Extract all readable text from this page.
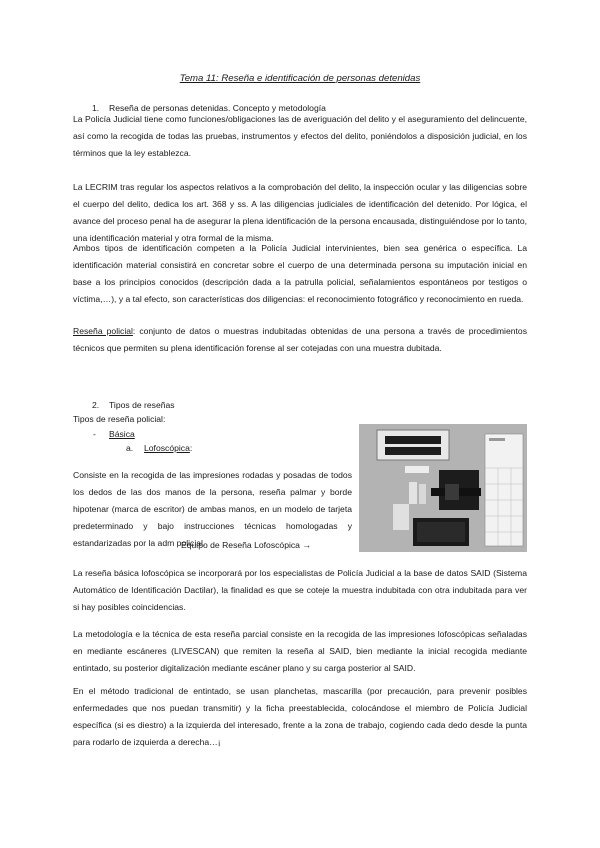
Tema 11: Reseña e identificación de personas detenidas
1. Reseña de personas detenidas. Concepto y metodología

La Policía Judicial tiene como funciones/obligaciones las de averiguación del delito y el aseguramiento del delincuente, así como la recogida de todas las pruebas, instrumentos y efectos del delito, poniéndolos a disposición judicial, en los términos que la ley establezca.

La LECRIM tras regular los aspectos relativos a la comprobación del delito, la inspección ocular y las diligencias sobre el cuerpo del delito, dedica los art. 368 y ss. A las diligencias judiciales de identificación del detenido. Por lógica, el avance del proceso penal ha de asegurar la plena identificación de la persona encausada, distinguiéndose por lo tanto, una identificación material y otra formal de la misma.

Ambos tipos de identificación competen a la Policía Judicial intervinientes, bien sea genérica o específica. La identificación material consistirá en concretar sobre el cuerpo de una determinada persona su imputación inicial en base a los principios conocidos (descripción dada a la patrulla policial, señalamientos espontáneos por testigos o víctima,…), y a tal efecto, son características dos diligencias: el reconocimiento fotográfico y reconocimiento en rueda.

Reseña policial: conjunto de datos o muestras indubitadas obtenidas de una persona a través de procedimientos técnicos que permiten su plena identificación forense al ser cotejadas con una muestra dubitada.

2. Tipos de reseñas
Tipos de reseña policial:
- Básica
a. Lofoscópica:

Consiste en la recogida de las impresiones rodadas y posadas de todos los dedos de las dos manos de la persona, reseña palmar y borde hipotenar (marca de escritor) de ambas manos, en un modelo de tarjeta predeterminado y bajo instrucciones técnicas homologadas y estandarizadas por la adm policial.

Equipo de Reseña Lofoscópica →

La reseña básica lofoscópica se incorporará por los especialistas de Policía Judicial a la base de datos SAID (Sistema Automático de Identificación Dactilar), la finalidad es que se coteje la muestra indubitada con otra indubitada para ver si hay posibles coincidencias.

La metodología e la técnica de esta reseña parcial consiste en la recogida de las impresiones lofoscópicas señaladas en mediante escáneres (LIVESCAN) que remiten la reseña al SAID, bien mediante la inicial recogida mediante entintado, su posterior digitalización mediante escáner plano y su carga posterior al SAID.

En el método tradicional de entintado, se usan planchetas, mascarilla (por precaución, para prevenir posibles enfermedades que nos puedan transmitir) y la ficha preestablecida, colocándose el miembro de Policía Judicial específica (si es diestro) a la izquierda del interesado, frente a la zona de trabajo, cogiendo cada dedo desde la punta para rodarlo de izquierda a derecha…¡
